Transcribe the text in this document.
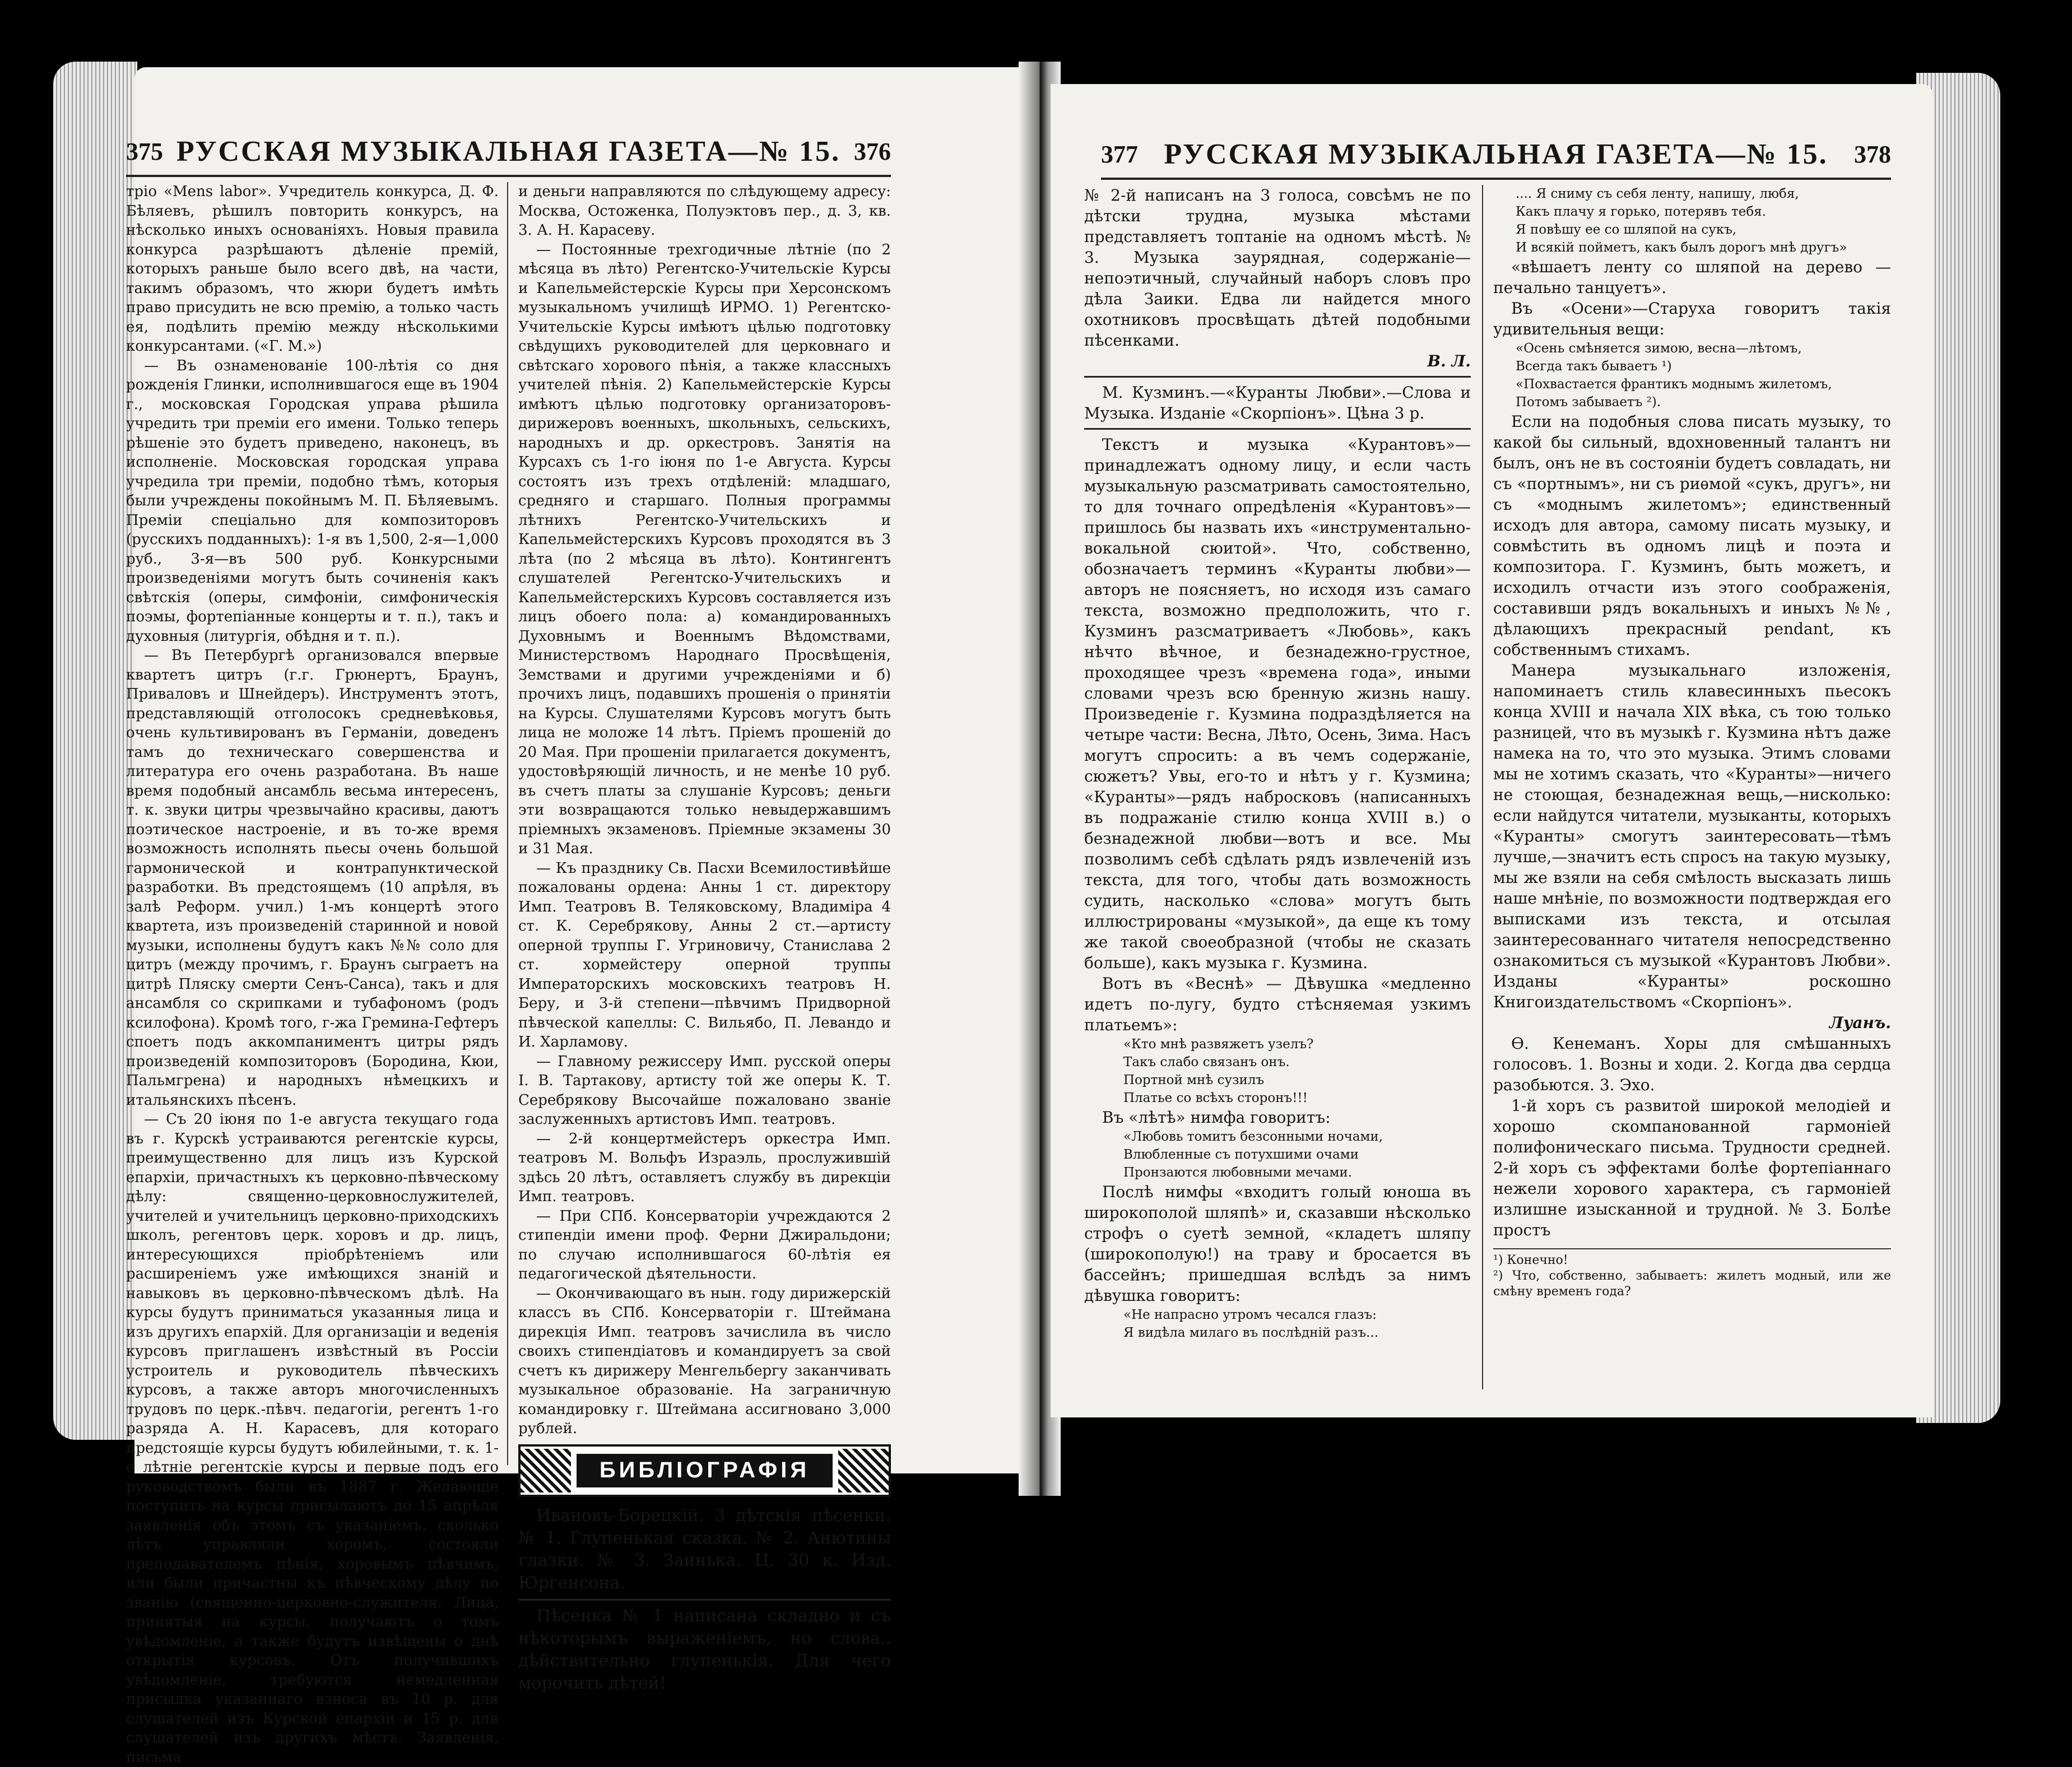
375 РУССКАЯ МУЗЫКАЛЬНАЯ ГАЗЕТА—№ 15. 376

тріо «Mens labor». Учредитель конкурса, Д. Ф. Бѣляевъ, рѣшилъ повторить конкурсъ, на нѣсколько иныхъ основаніяхъ. Новыя правила конкурса разрѣшаютъ дѣленіе премій, которыхъ раньше было всего двѣ, на части, такимъ образомъ, что жюри будетъ имѣть право присудить не всю премію, а только часть ея, подѣлить премію между нѣсколькими конкурсантами. («Г. М.»)

— Въ ознаменованіе 100-лѣтія со дня рожденія Глинки, исполнившагося еще въ 1904 г., московская Городская управа рѣшила учредить три преміи его имени. Только теперь рѣшеніе это будетъ приведено, наконецъ, въ исполненіе. Московская городская управа учредила три преміи, подобно тѣмъ, которыя были учреждены покойнымъ М. П. Бѣляевымъ. Преміи спеціально для композиторовъ (русскихъ подданныхъ): 1-я въ 1,500, 2-я—1,000 руб., 3-я—въ 500 руб. Конкурсными произведеніями могутъ быть сочиненія какъ свѣтскія (оперы, симфоніи, симфоническія поэмы, фортепіанные концерты и т. п.), такъ и духовныя (литургія, обѣдня и т. п.).

— Въ Петербургѣ организовался впервые квартетъ цитръ (г.г. Грюнертъ, Браунъ, Приваловъ и Шнейдеръ). Инструментъ этотъ, представляющій отголосокъ средневѣковья, очень культивированъ въ Германіи, доведенъ тамъ до техническаго совершенства и литература его очень разработана. Въ наше время подобный ансамбль весьма интересенъ, т. к. звуки цитры чрезвычайно красивы, даютъ поэтическое настроеніе, и въ то-же время возможность исполнять пьесы очень большой гармонической и контрапунктической разработки. Въ предстоящемъ (10 апрѣля, въ залѣ Реформ. учил.) 1-мъ концертѣ этого квартета, изъ произведеній старинной и новой музыки, исполнены будутъ какъ №№ соло для цитръ (между прочимъ, г. Браунъ сыграетъ на цитрѣ Пляску смерти Сенъ-Санса), такъ и для ансамбля со скрипками и тубафономъ (родъ ксилофона). Кромѣ того, г-жа Гремина-Гефтеръ споетъ подъ аккомпаниментъ цитры рядъ произведеній композиторовъ (Бородина, Кюи, Пальмгрена) и народныхъ нѣмецкихъ и итальянскихъ пѣсенъ.

— Съ 20 іюня по 1-е августа текущаго года въ г. Курскѣ устраиваются регентскіе курсы, преимущественно для лицъ изъ Курской епархіи, причастныхъ къ церковно-пѣвческому дѣлу: священно-церковнослужителей, учителей и учительницъ церковно-приходскихъ школъ, регентовъ церк. хоровъ и др. лицъ, интересующихся пріобрѣтеніемъ или расширеніемъ уже имѣющихся знаній и навыковъ въ церковно-пѣвческомъ дѣлѣ. На курсы будутъ приниматься указанныя лица и изъ другихъ епархій. Для организаціи и веденія курсовъ приглашенъ извѣстный въ Россіи устроитель и руководитель пѣвческихъ курсовъ, а также авторъ многочисленныхъ трудовъ по церк.-пѣвч. педагогіи, регентъ 1-го разряда А. Н. Карасевъ, для котораго предстоящіе курсы будутъ юбилейными, т. к. 1-е лѣтніе регентскіе курсы и первые подъ его руководствомъ были въ 1887 г. Желающіе поступить на курсы присылаютъ до 15 апрѣля заявленія объ этомъ съ указаніемъ, сколько лѣтъ управляли хоромъ, состояли преподавателемъ пѣнія, хоровымъ пѣвчимъ, или были причастны къ пѣвческому дѣлу по званію (священно-церковно-служителя. Лица, принятыя на курсы, получаютъ о томъ увѣдомленіе, а также будутъ извѣщены о днѣ открытія курсовъ. Отъ получившихъ увѣдомленіе, требуются немедленная присылка указаннаго взноса въ 10 р. для слушателей изъ Курской епархіи и 15 р. для слушателей изъ другихъ мѣстъ. Заявленія, письма

и деньги направляются по слѣдующему адресу: Москва, Остоженка, Полуэктовъ пер., д. 3, кв. 3. А. Н. Карасеву.

— Постоянные трехгодичные лѣтніе (по 2 мѣсяца въ лѣто) Регентско-Учительскіе Курсы и Капельмейстерскіе Курсы при Херсонскомъ музыкальномъ училищѣ ИРМО. 1) Регентско-Учительскіе Курсы имѣютъ цѣлью подготовку свѣдущихъ руководителей для церковнаго и свѣтскаго хорового пѣнія, а также классныхъ учителей пѣнія. 2) Капельмейстерскіе Курсы имѣютъ цѣлью подготовку организаторовъ-дирижеровъ военныхъ, школьныхъ, сельскихъ, народныхъ и др. оркестровъ. Занятія на Курсахъ съ 1-го іюня по 1-е Августа. Курсы состоятъ изъ трехъ отдѣленій: младшаго, средняго и старшаго. Полныя программы лѣтнихъ Регентско-Учительскихъ и Капельмейстерскихъ Курсовъ проходятся въ 3 лѣта (по 2 мѣсяца въ лѣто). Контингентъ слушателей Регентско-Учительскихъ и Капельмейстерскихъ Курсовъ составляется изъ лицъ обоего пола: а) командированныхъ Духовнымъ и Военнымъ Вѣдомствами, Министерствомъ Народнаго Просвѣщенія, Земствами и другими учрежденіями и б) прочихъ лицъ, подавшихъ прошенія о принятіи на Курсы. Слушателями Курсовъ могутъ быть лица не моложе 14 лѣтъ. Пріемъ прошеній до 20 Мая. При прошеніи прилагается документъ, удостовѣряющій личность, и не менѣе 10 руб. въ счетъ платы за слушаніе Курсовъ; деньги эти возвращаются только невыдержавшимъ пріемныхъ экзаменовъ. Пріемные экзамены 30 и 31 Мая.

— Къ празднику Св. Пасхи Всемилостивѣйше пожалованы ордена: Анны 1 ст. директору Имп. Театровъ В. Теляковскому, Владиміра 4 ст. К. Серебрякову, Анны 2 ст.—артисту оперной труппы Г. Угриновичу, Станислава 2 ст. хормейстеру оперной труппы Императорскихъ московскихъ театровъ Н. Беру, и 3-й степени—пѣвчимъ Придворной пѣвческой капеллы: С. Вильябо, П. Левандо и И. Харламову.

— Главному режиссеру Имп. русской оперы I. В. Тартакову, артисту той же оперы К. Т. Серебрякову Высочайше пожаловано званіе заслуженныхъ артистовъ Имп. театровъ.

— 2-й концертмейстеръ оркестра Имп. театровъ М. Вольфъ Израэль, прослужившій здѣсь 20 лѣтъ, оставляетъ службу въ дирекціи Имп. театровъ.

— При СПб. Консерваторіи учреждаются 2 стипендіи имени проф. Ферни Джиральдони; по случаю исполнившагося 60-лѣтія ея педагогической дѣятельности.

— Окончивающаго въ нын. году дирижерскій классъ въ СПб. Консерваторіи г. Штеймана дирекція Имп. театровъ зачислила въ число своихъ стипендіатовъ и командируетъ за свой счетъ къ дирижеру Менгельбергу заканчивать музыкальное образованіе. На заграничную командировку г. Штеймана ассигновано 3,000 рублей.

БИБЛІОГРАФІЯ

Ивановъ-Борецкій. 3 дѣтскія пѣсенки. № 1. Глупенькая сказка. № 2. Анютины глазки. № 3. Заинька. Ц. 30 к. Изд. Юргенсона.

Пѣсенка № 1 написана складно и съ нѣкоторымъ выраженіемъ, но слова.. дѣйствительно глупенькія. Для чего морочить дѣтей!

377 РУССКАЯ МУЗЫКАЛЬНАЯ ГАЗЕТА—№ 15. 378

№ 2-й написанъ на 3 голоса, совсѣмъ не по дѣтски трудна, музыка мѣстами представляетъ топтаніе на одномъ мѣстѣ. № 3. Музыка заурядная, содержаніе—непоэтичный, случайный наборъ словъ про дѣла Заики. Едва ли найдется много охотниковъ просвѣщать дѣтей подобными пѣсенками.

В. Л.

М. Кузминъ.—«Куранты Любви».—Слова и Музыка. Изданіе «Скорпіонъ». Цѣна 3 р.

Текстъ и музыка «Курантовъ»—принадлежатъ одному лицу, и если часть музыкальную разсматривать самостоятельно, то для точнаго опредѣленія «Курантовъ»—пришлось бы назвать ихъ «инструментально-вокальной сюитой». Что, собственно, обозначаетъ терминъ «Куранты любви»—авторъ не поясняетъ, но исходя изъ самаго текста, возможно предположить, что г. Кузминъ разсматриваетъ «Любовь», какъ нѣчто вѣчное, и безнадежно-грустное, проходящее чрезъ «времена года», иными словами чрезъ всю бренную жизнь нашу. Произведеніе г. Кузмина подраздѣляется на четыре части: Весна, Лѣто, Осень, Зима. Насъ могутъ спросить: а въ чемъ содержаніе, сюжетъ? Увы, его-то и нѣтъ у г. Кузмина; «Куранты»—рядъ набросковъ (написанныхъ въ подражаніе стилю конца XVIII в.) о безнадежной любви—вотъ и все. Мы позволимъ себѣ сдѣлать рядъ извлеченій изъ текста, для того, чтобы дать возможность судить, насколько «слова» могутъ быть иллюстрированы «музыкой», да еще къ тому же такой своеобразной (чтобы не сказать больше), какъ музыка г. Кузмина.

Вотъ въ «Веснѣ» — Дѣвушка «медленно идетъ по-лугу, будто стѣсняемая узкимъ платьемъ»:

«Кто мнѣ развяжетъ узелъ?
Такъ слабо связанъ онъ.
Портной мнѣ сузилъ
Платье со всѣхъ сторонъ!!!

Въ «лѣтѣ» нимфа говоритъ:

«Любовь томитъ безсонными ночами,
Влюбленные съ потухшими очами
Пронзаются любовными мечами.

Послѣ нимфы «входитъ голый юноша въ широкополой шляпѣ» и, сказавши нѣсколько строфъ о суетѣ земной, «кладетъ шляпу (широкополую!) на траву и бросается въ бассейнъ; пришедшая вслѣдъ за нимъ дѣвушка говоритъ:

«Не напрасно утромъ чесался глазъ:
Я видѣла милаго въ послѣдній разъ...
.... Я сниму съ себя ленту, напишу, любя,
Какъ плачу я горько, потерявъ тебя.
Я повѣшу ее со шляпой на сукъ,
И всякій пойметъ, какъ былъ дорогъ мнѣ другъ»

«вѣшаетъ ленту со шляпой на дерево — печально танцуетъ».

Въ «Осени»—Старуха говоритъ такія удивительныя вещи:

«Осень смѣняется зимою, весна—лѣтомъ,
Всегда такъ бываетъ ¹)
«Похвастается франтикъ моднымъ жилетомъ,
Потомъ забываетъ ²).

Если на подобныя слова писать музыку, то какой бы сильный, вдохновенный талантъ ни былъ, онъ не въ состояніи будетъ совладать, ни съ «портнымъ», ни съ риѳмой «сукъ, другъ», ни съ «моднымъ жилетомъ»; единственный исходъ для автора, самому писать музыку, и совмѣстить въ одномъ лицѣ и поэта и композитора. Г. Кузминъ, быть можетъ, и исходилъ отчасти изъ этого соображенія, составивши рядъ вокальныхъ и иныхъ №№, дѣлающихъ прекрасный pendant, къ собственнымъ стихамъ.

Манера музыкальнаго изложенія, напоминаетъ стиль клавесинныхъ пьесокъ конца XVIII и начала XIX вѣка, съ тою только разницей, что въ музыкѣ г. Кузмина нѣтъ даже намека на то, что это музыка. Этимъ словами мы не хотимъ сказать, что «Куранты»—ничего не стоющая, безнадежная вещь,—нисколько: если найдутся читатели, музыканты, которыхъ «Куранты» смогутъ заинтересовать—тѣмъ лучше,—значитъ есть спросъ на такую музыку, мы же взяли на себя смѣлость высказать лишь наше мнѣніе, по возможности подтверждая его выписками изъ текста, и отсылая заинтересованнаго читателя непосредственно ознакомиться съ музыкой «Курантовъ Любви». Изданы «Куранты» роскошно Книгоиздательствомъ «Скорпіонъ».

Луанъ.

Ѳ. Кенеманъ. Хоры для смѣшанныхъ голосовъ. 1. Возны и ходи. 2. Когда два сердца разобьются. 3. Эхо.

1-й хоръ съ развитой широкой мелодіей и хорошо скомпанованной гармоніей полифоническаго письма. Трудности средней. 2-й хоръ съ эффектами болѣе фортепіаннаго нежели хорового характера, съ гармоніей излишне изысканной и трудной. № 3. Болѣе простъ

¹) Конечно!
²) Что, собственно, забываетъ: жилетъ модный, или же смѣну временъ года?
